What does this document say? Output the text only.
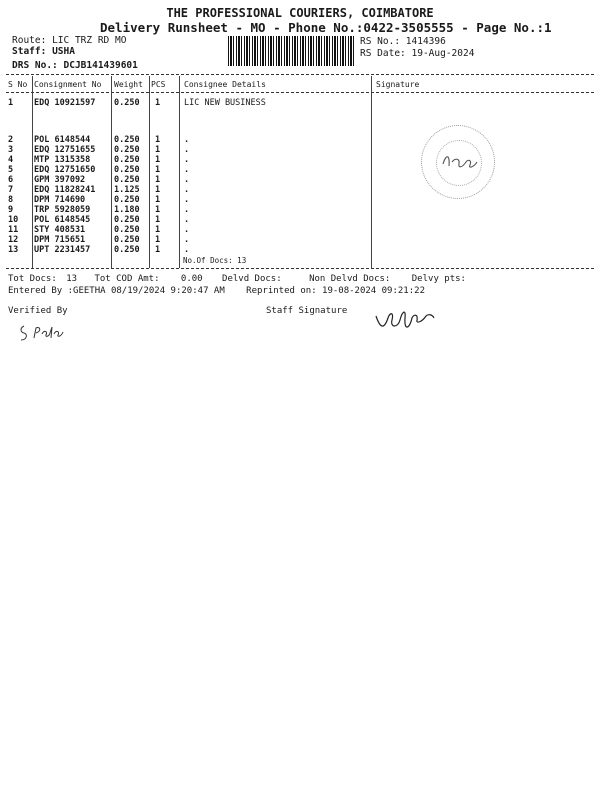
THE PROFESSIONAL COURIERS, COIMBATORE
Delivery Runsheet - MO - Phone No.:0422-3505555 - Page No.:1
Route: LIC TRZ RD MO
Staff: USHA
DRS No.: DCJB141439601
RS No.: 1414396
RS Date: 19-Aug-2024
S No Consignment No Weight PCS Consignee Details	Signature
1 EDQ 10921597 0.250 1	LIC NEW BUSINESS
2 POL 6148544	0.250 1	.
3 EDQ 12751655 0.250 1	.
4 MTP 1315358	0.250 1	.
5 EDQ 12751650 0.250 1	.
6 GPM 397092	0.250 1	.
7 EDQ 11828241 1.125 1	.
8 DPM 714690	0.250 1	.
9 TRP 5928059	1.180 1	.
10 POL 6148545	0.250 1	.
11 STY 408531	0.250 1	.
12 DPM 715651	0.250 1	.
13 UPT 2231457	0.250 1	.
No.Of Docs: 13
Tot Docs: 13 Tot COD Amt: 0.00 Delvd Docs:	Non Delvd Docs: Delvy pts:
Entered By :GEETHA 08/19/2024 9:20:47 AM Reprinted on: 19-08-2024 09:21:22
Verified By	Staff Signature
